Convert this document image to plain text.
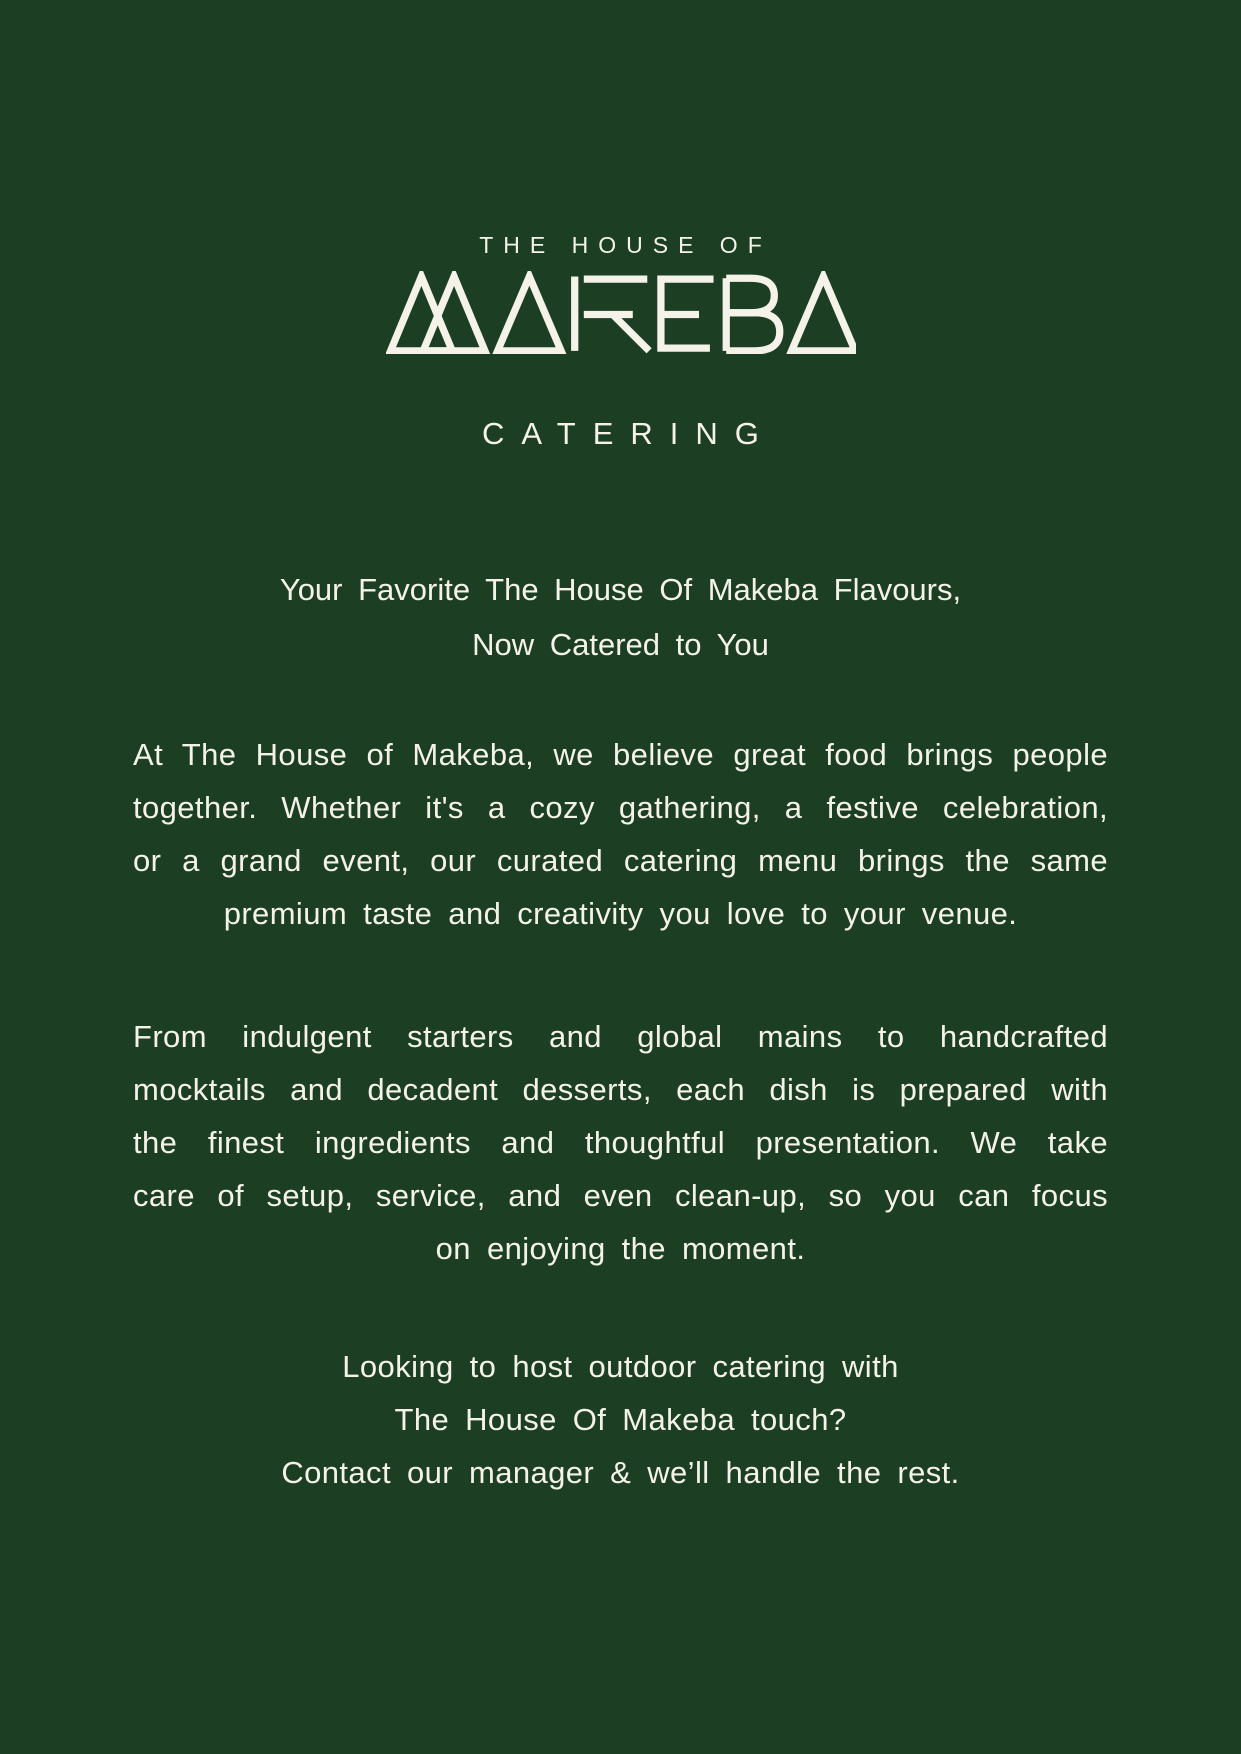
THE HOUSE OF
CATERING
Your Favorite The House Of Makeba Flavours,
Now Catered to You
At The House of Makeba, we believe great food brings people
together. Whether it's a cozy gathering, a festive celebration,
or a grand event, our curated catering menu brings the same
premium taste and creativity you love to your venue.
From indulgent starters and global mains to handcrafted
mocktails and decadent desserts, each dish is prepared with
the finest ingredients and thoughtful presentation. We take
care of setup, service, and even clean-up, so you can focus
on enjoying the moment.
Looking to host outdoor catering with
The House Of Makeba touch?
Contact our manager & we’ll handle the rest.
